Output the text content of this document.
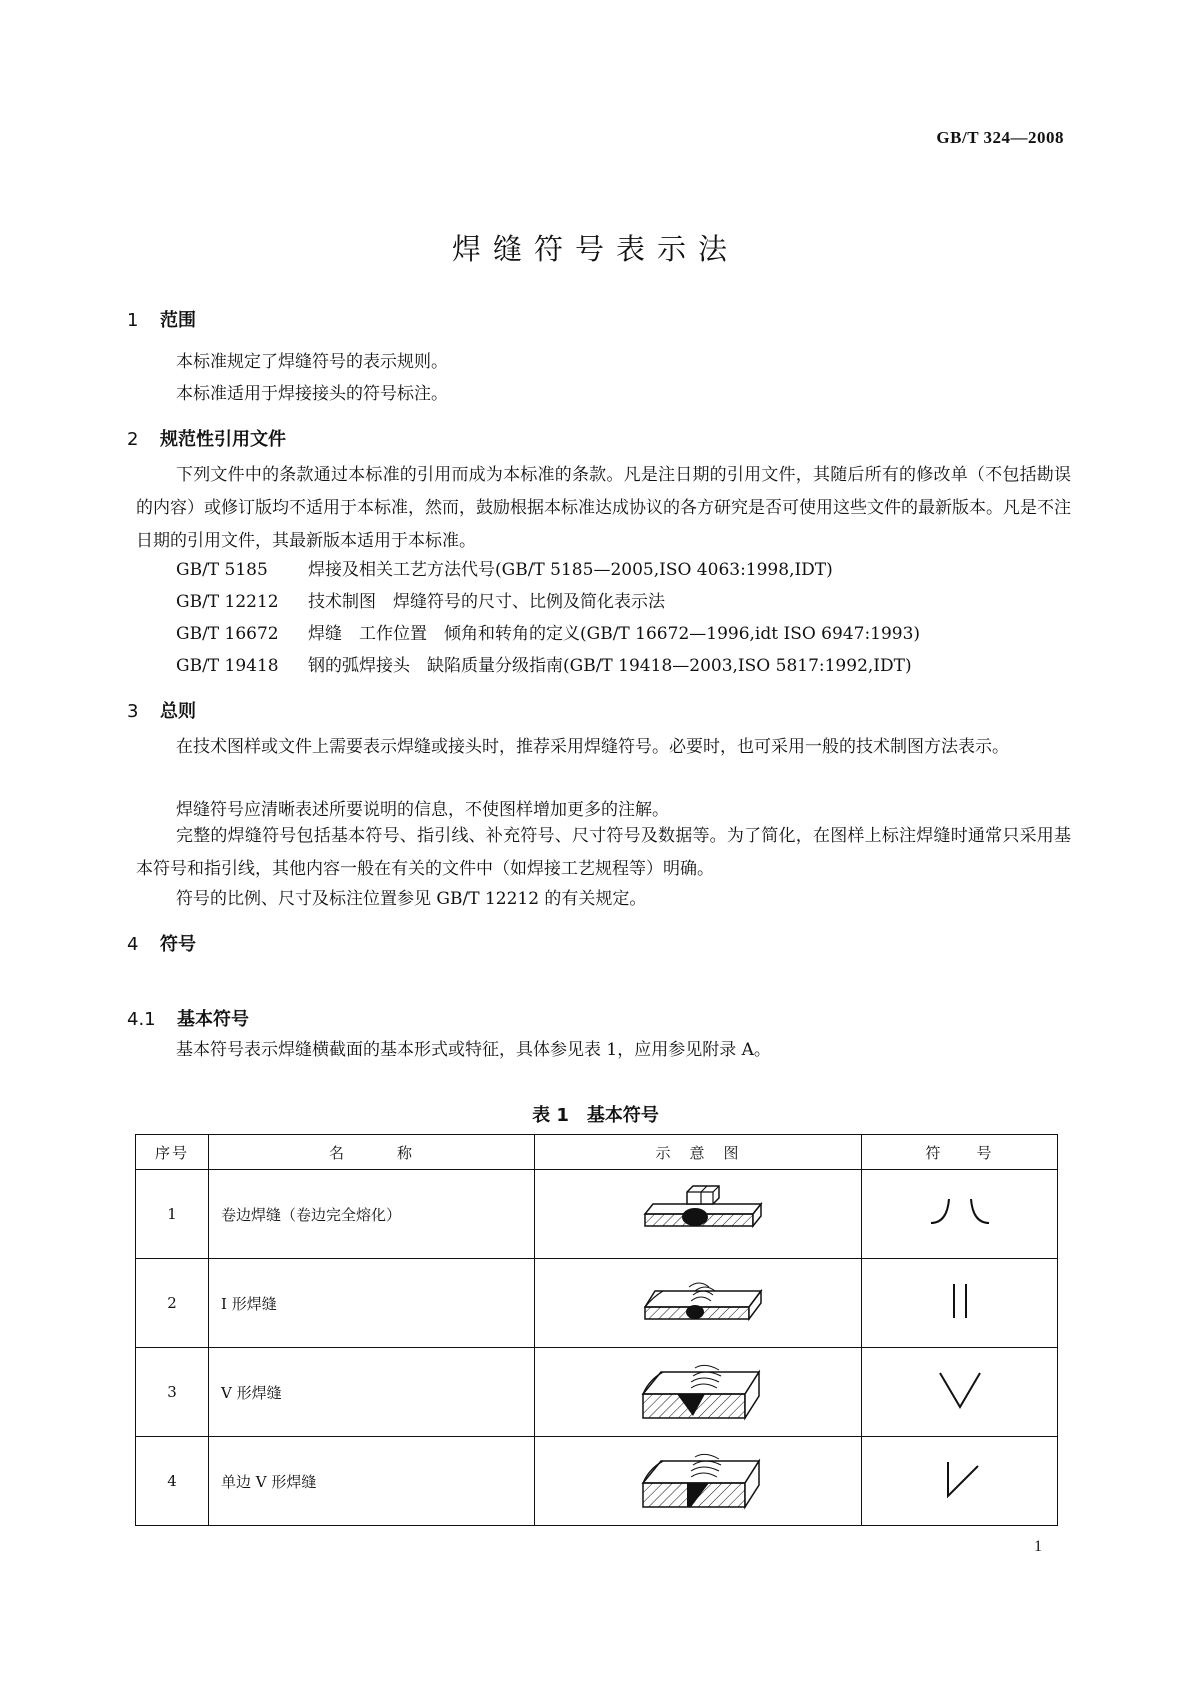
GB/T 324—2008
焊缝符号表示法
1 范围
本标准规定了焊缝符号的表示规则。
本标准适用于焊接接头的符号标注。
2 规范性引用文件
下列文件中的条款通过本标准的引用而成为本标准的条款。凡是注日期的引用文件，其随后所有的修改单（不包括勘误的内容）或修订版均不适用于本标准，然而，鼓励根据本标准达成协议的各方研究是否可使用这些文件的最新版本。凡是不注日期的引用文件，其最新版本适用于本标准。
GB/T 5185 焊接及相关工艺方法代号(GB/T 5185—2005,ISO 4063:1998,IDT)
GB/T 12212 技术制图　焊缝符号的尺寸、比例及简化表示法
GB/T 16672 焊缝　工作位置　倾角和转角的定义(GB/T 16672—1996,idt ISO 6947:1993)
GB/T 19418 钢的弧焊接头　缺陷质量分级指南(GB/T 19418—2003,ISO 5817:1992,IDT)
3 总则
在技术图样或文件上需要表示焊缝或接头时，推荐采用焊缝符号。必要时，也可采用一般的技术制图方法表示。
焊缝符号应清晰表述所要说明的信息，不使图样增加更多的注解。
完整的焊缝符号包括基本符号、指引线、补充符号、尺寸符号及数据等。为了简化，在图样上标注焊缝时通常只采用基本符号和指引线，其他内容一般在有关的文件中（如焊接工艺规程等）明确。
符号的比例、尺寸及标注位置参见 GB/T 12212 的有关规定。
4 符号
4.1 基本符号
基本符号表示焊缝横截面的基本形式或特征，具体参见表 1，应用参见附录 A。
表 1　基本符号
序号	名　　　称	示　意　图	符　　号
1	卷边焊缝（卷边完全熔化）		
2	I 形焊缝		
3	V 形焊缝		
4	单边 V 形焊缝		
1
